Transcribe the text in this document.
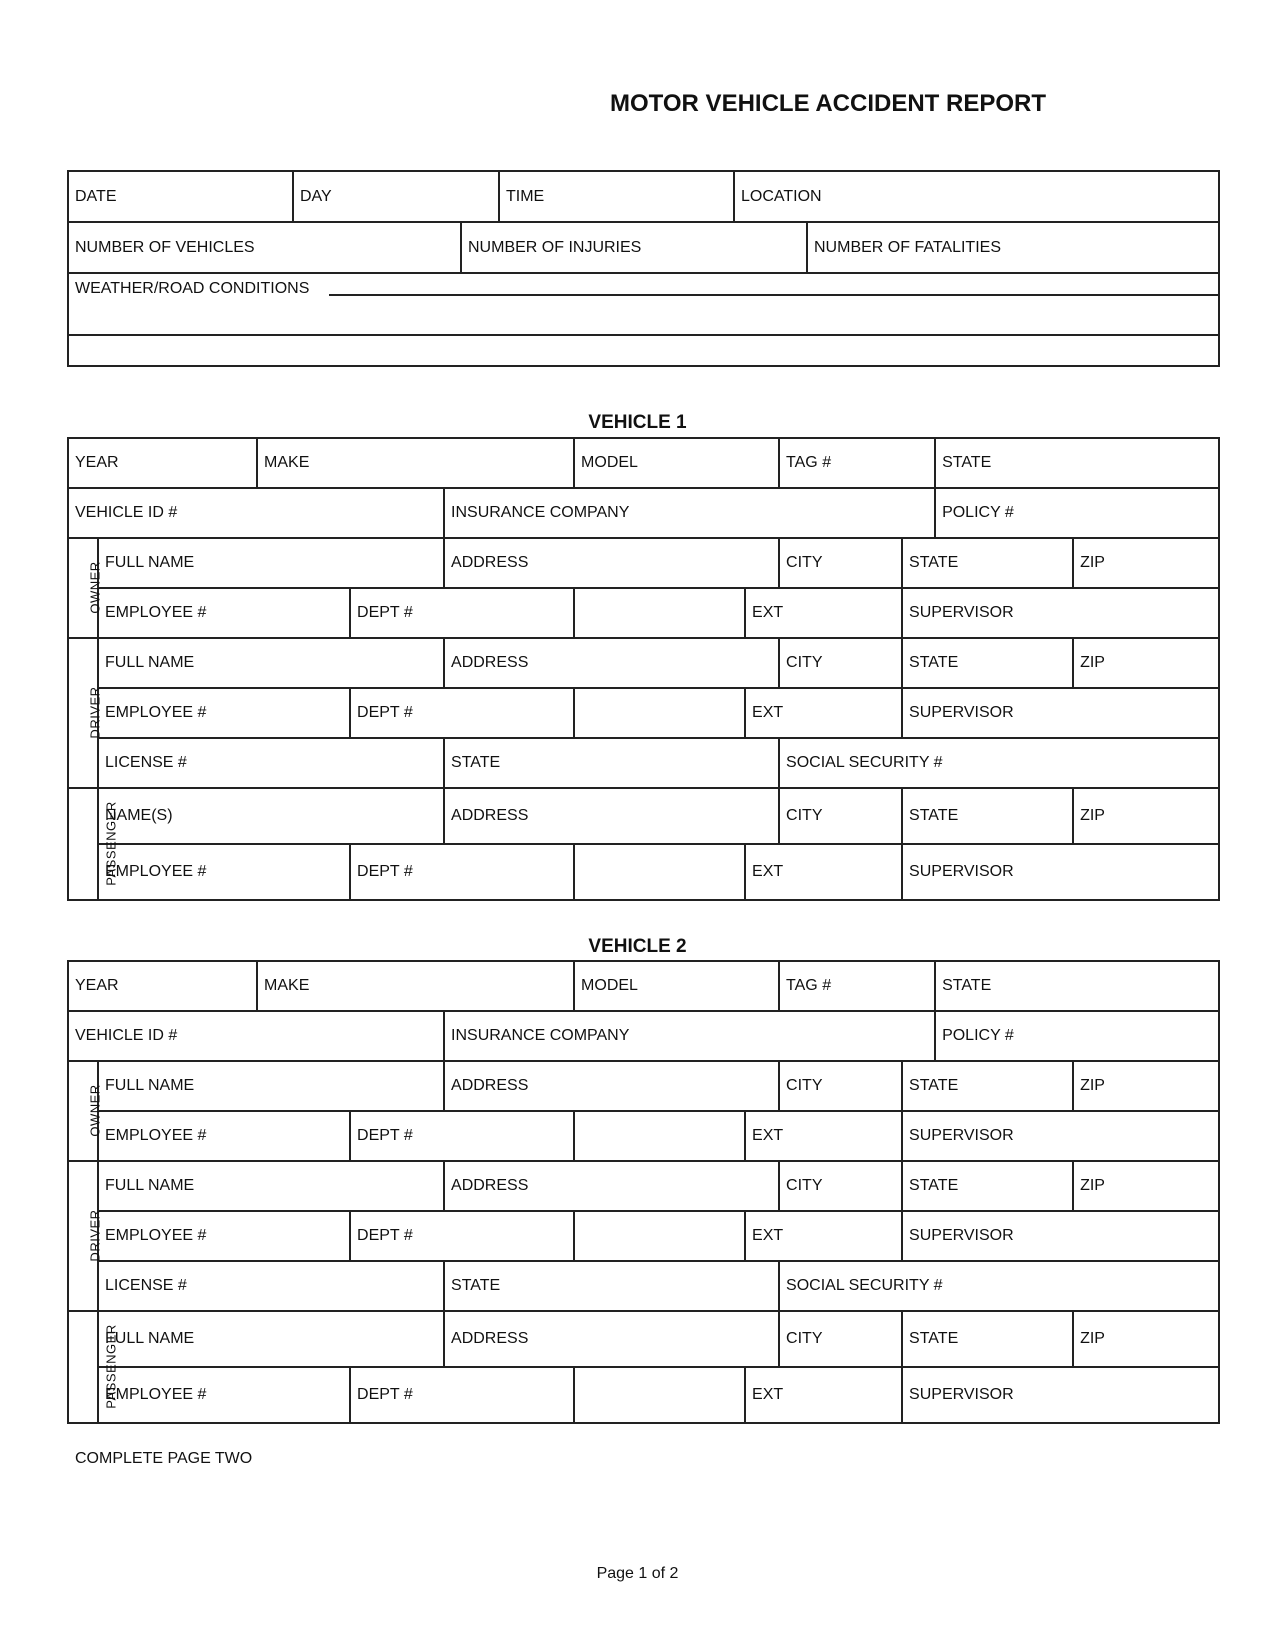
MOTOR VEHICLE ACCIDENT REPORT
DATE	DAY		TIME	LOCATION	
NUMBER OF VEHICLES		NUMBER OF INJURIES			NUMBER OF FATALITIES

WEATHER/ROAD CONDITIONS					

VEHICLE 1
YEAR		MAKE			MODEL		TAG #		STATE	
VEHICLE ID #				INSURANCE COMPANY					POLICY #	
OWNER	FULL NAME			ADDRESS			CITY	STATE		ZIP
	EMPLOYEE #		DEPT #			EXT		SUPERVISOR		
DRIVER	FULL NAME			ADDRESS			CITY	STATE		ZIP
	EMPLOYEE #		DEPT #			EXT		SUPERVISOR		
	LICENSE #			STATE			SOCIAL SECURITY #			
PASSENGER	NAME(S)			ADDRESS			CITY	STATE		ZIP
	EMPLOYEE #		DEPT #			EXT		SUPERVISOR		
VEHICLE 2
YEAR		MAKE			MODEL		TAG #		STATE	
VEHICLE ID #				INSURANCE COMPANY					POLICY #	
OWNER	FULL NAME			ADDRESS			CITY	STATE		ZIP
	EMPLOYEE #		DEPT #			EXT		SUPERVISOR		
DRIVER	FULL NAME			ADDRESS			CITY	STATE		ZIP
	EMPLOYEE #		DEPT #			EXT		SUPERVISOR		
	LICENSE #			STATE			SOCIAL SECURITY #			
PASSENGER	FULL NAME			ADDRESS			CITY	STATE		ZIP
	EMPLOYEE #		DEPT #			EXT		SUPERVISOR		
COMPLETE PAGE TWO
Page 1 of 2
